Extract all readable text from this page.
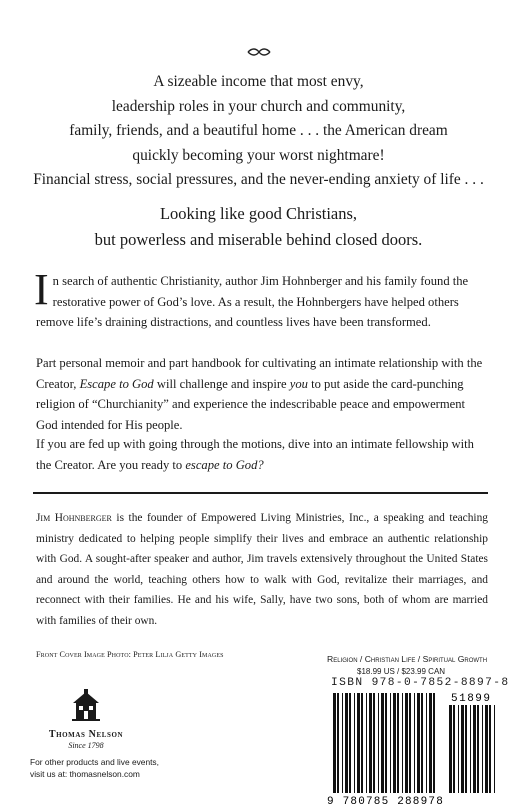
A sizeable income that most envy,
leadership roles in your church and community,
family, friends, and a beautiful home . . . the American dream
quickly becoming your worst nightmare!
Financial stress, social pressures, and the never-ending anxiety of life . . .
Looking like good Christians,
but powerless and miserable behind closed doors.
In search of authentic Christianity, author Jim Hohnberger and his family found the restorative power of God’s love. As a result, the Hohnbergers have helped others remove life’s draining distractions, and countless lives have been transformed.
Part personal memoir and part handbook for cultivating an intimate relationship with the Creator, Escape to God will challenge and inspire you to put aside the card-punching religion of “Churchianity” and experience the indescribable peace and empowerment God intended for His people.
If you are fed up with going through the motions, dive into an intimate fellowship with the Creator. Are you ready to escape to God?
Jim Hohnberger is the founder of Empowered Living Ministries, Inc., a speaking and teaching ministry dedicated to helping people simplify their lives and embrace an authentic relationship with God. A sought-after speaker and author, Jim travels extensively throughout the United States and around the world, teaching others how to walk with God, revitalize their marriages, and reconnect with their families. He and his wife, Sally, have two sons, both of whom are married with families of their own.
Front Cover Image Photo: Peter Lilja Getty Images
Thomas Nelson
Since 1798
For other products and live events,
visit us at: thomasnelson.com
Religion / Christian Life / Spiritual Growth
$18.99 US / $23.99 CAN
ISBN 978-0-7852-8897-8
51899
9 780785 288978
